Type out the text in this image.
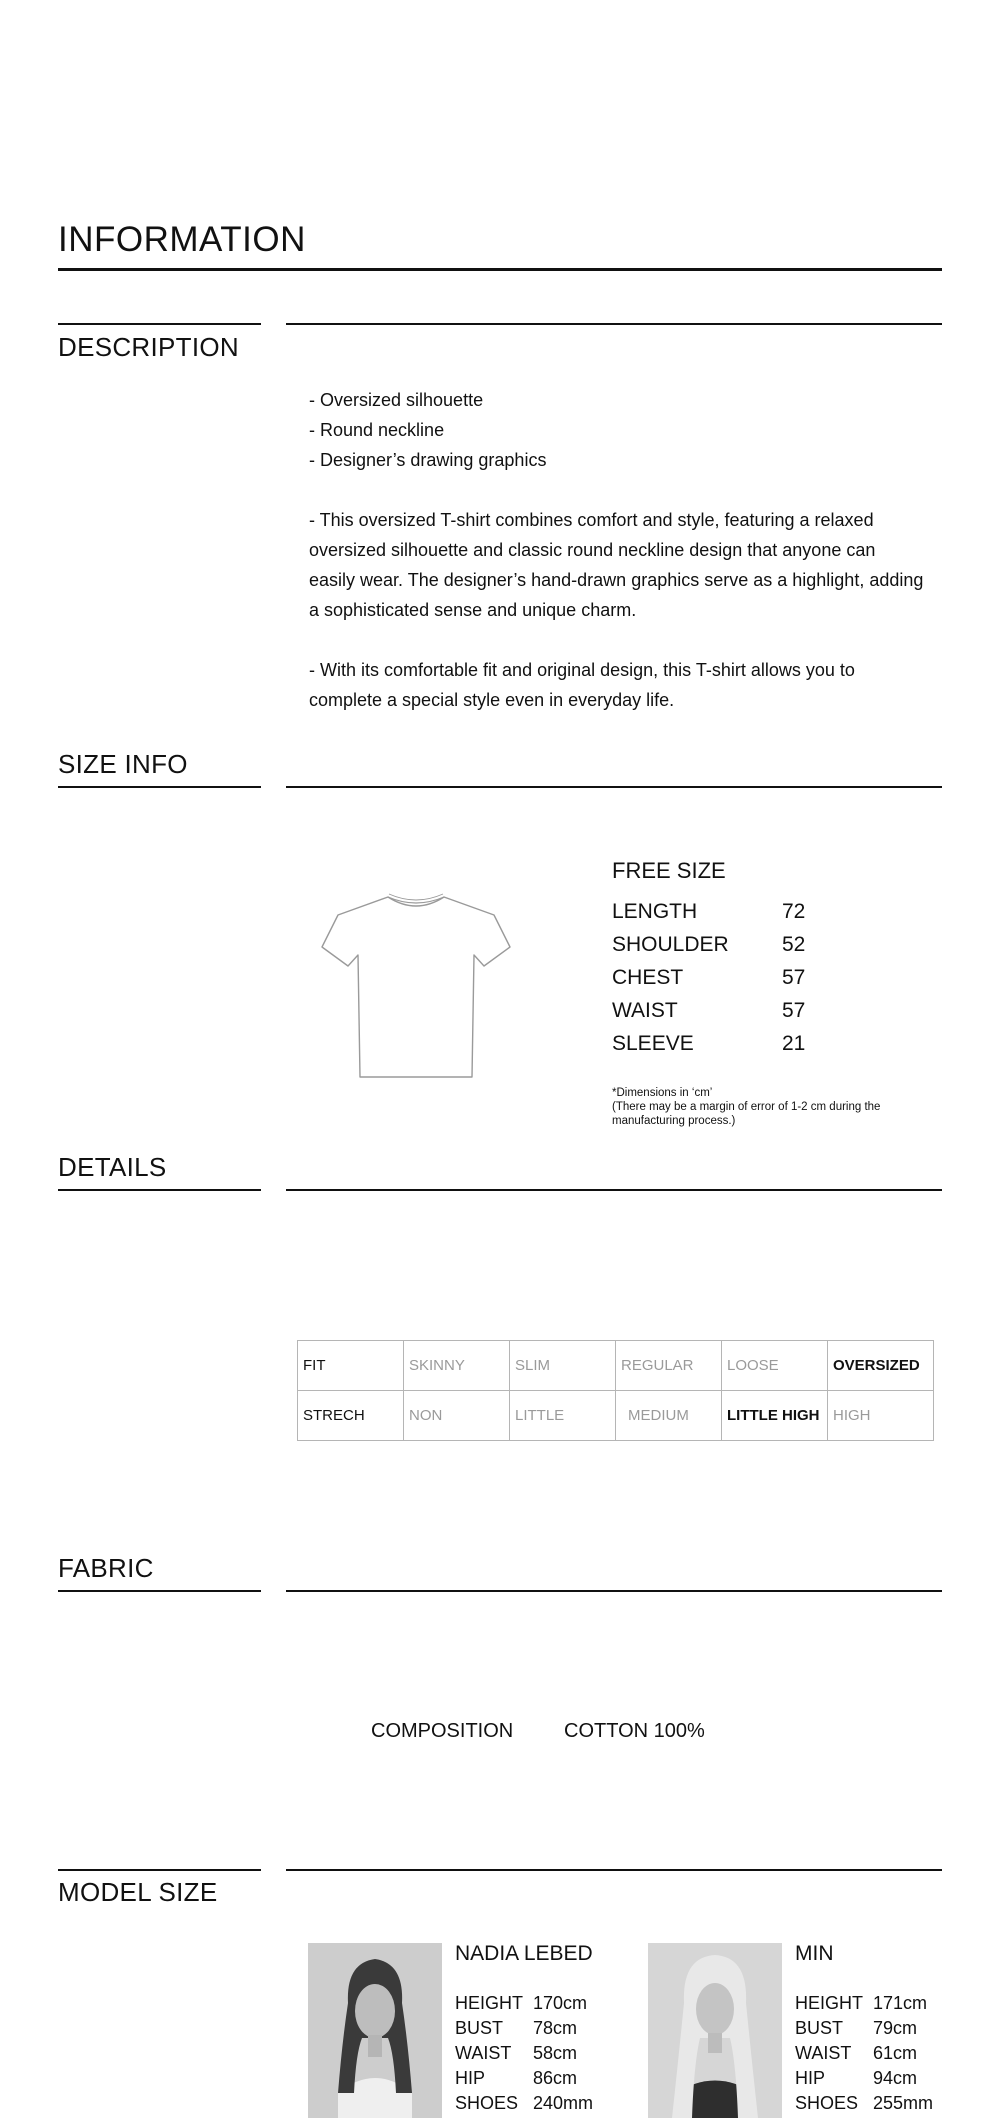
INFORMATION
DESCRIPTION
- Oversized silhouette
- Round neckline
- Designer’s drawing graphics
- This oversized T-shirt combines comfort and style, featuring a relaxed
oversized silhouette and classic round neckline design that anyone can
easily wear. The designer’s hand-drawn graphics serve as a highlight, adding
a sophisticated sense and unique charm.
- With its comfortable fit and original design, this T-shirt allows you to
complete a special style even in everyday life.
SIZE INFO
FREE SIZE
LENGTH	72
SHOULDER	52
CHEST	57
WAIST	57
SLEEVE	21
*Dimensions in ‘cm’
(There may be a margin of error of 1-2 cm during the
manufacturing process.)
DETAILS
FIT	SKINNY	SLIM	REGULAR	LOOSE	OVERSIZED
STRECH	NON	LITTLE	MEDIUM	LITTLE HIGH	HIGH
FABRIC
COMPOSITION	COTTON 100%
MODEL SIZE
NADIA LEBED
HEIGHT 170cm
BUST 78cm
WAIST 58cm
HIP	86cm
SHOES 240mm
MIN
HEIGHT 171cm
BUST 79cm
WAIST 61cm
HIP	94cm
SHOES 255mm
